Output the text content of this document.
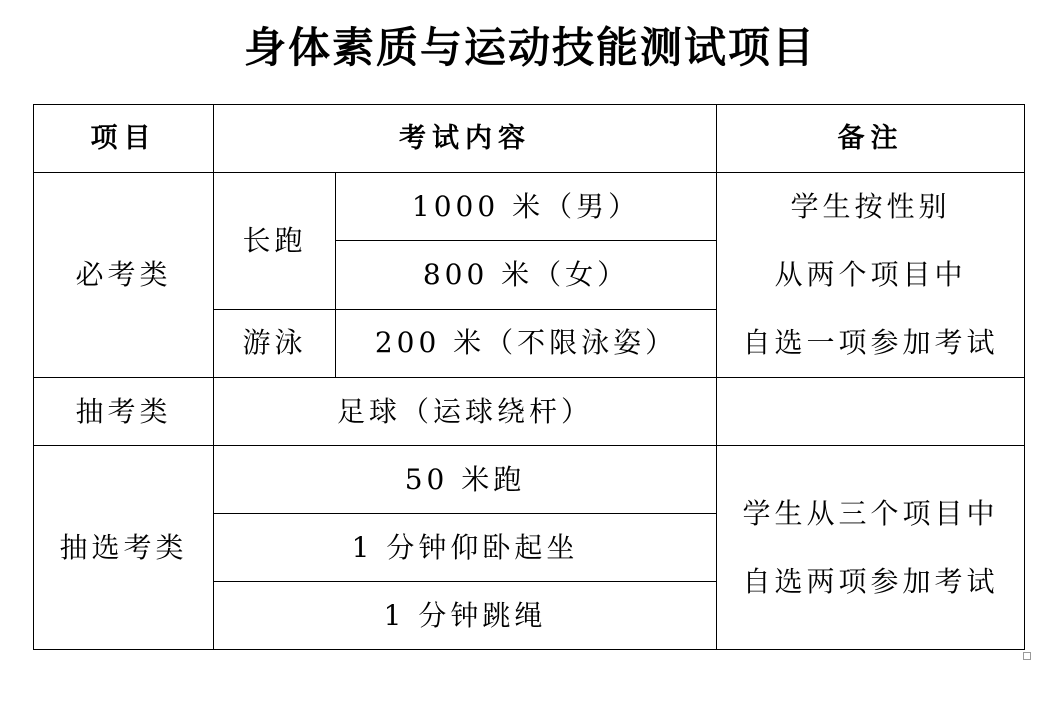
身体素质与运动技能测试项目
项目	考试内容		备注
必考类	长跑	1000 米（男）	学生按性别
从两个项目中
自选一项参加考试

		800 米（女）	
	游泳	200 米（不限泳姿）	
抽考类	足球（运球绕杆）		
抽选考类	50 米跑		学生从三个项目中
自选两项参加考试

	1 分钟仰卧起坐		
	1 分钟跳绳		
